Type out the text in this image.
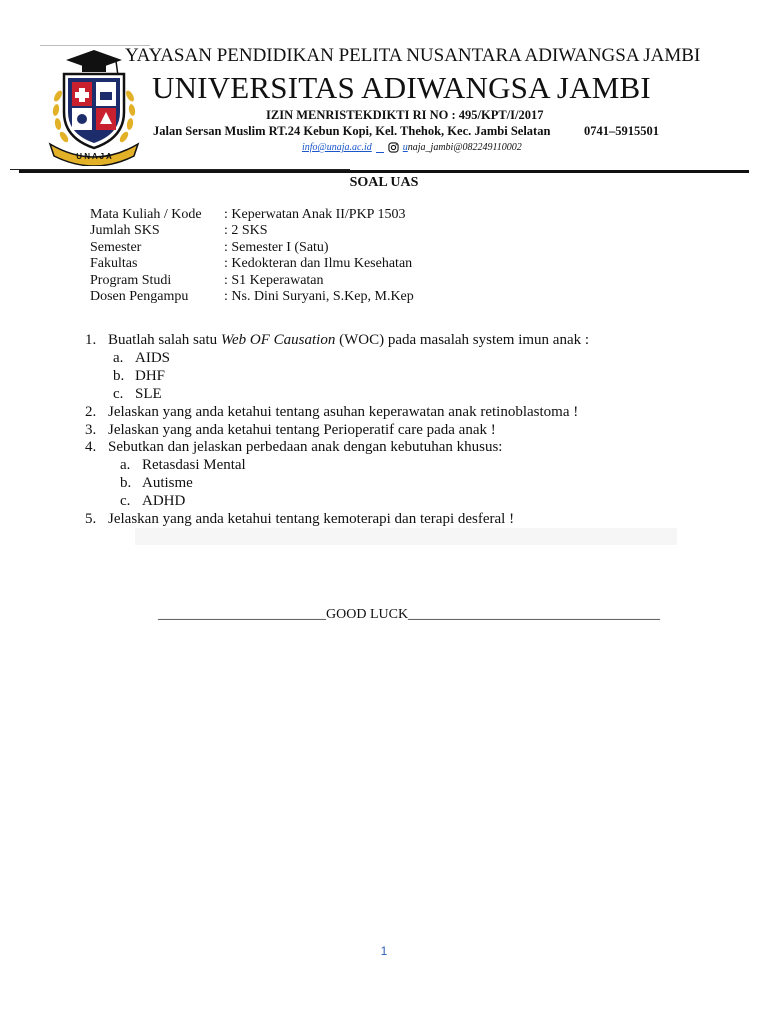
U N A J A
YAYASAN PENDIDIKAN PELITA NUSANTARA ADIWANGSA JAMBI
UNIVERSITAS ADIWANGSA JAMBI
IZIN MENRISTEKDIKTI RI NO : 495/KPT/I/2017
Jalan Sersan Muslim RT.24 Kebun Kopi, Kel. Thehok, Kec. Jambi Selatan	0741–5915501
info@unaja.ac.id	unaja_jambi@082249110002
SOAL UAS
Mata Kuliah / Kode	: Keperwatan Anak II/PKP 1503
Jumlah SKS	: 2 SKS
Semester	: Semester I (Satu)
Fakultas	: Kedokteran dan Ilmu Kesehatan
Program Studi	: S1 Keperawatan
Dosen Pengampu	: Ns. Dini Suryani, S.Kep, M.Kep
1. Buatlah salah satu Web OF Causation (WOC) pada masalah system imun anak :
a. AIDS
b. DHF
c. SLE
2. Jelaskan yang anda ketahui tentang asuhan keperawatan anak retinoblastoma !
3. Jelaskan yang anda ketahui tentang Perioperatif care pada anak !
4. Sebutkan dan jelaskan perbedaan anak dengan kebutuhan khusus:
a. Retasdasi Mental
b. Autisme
c. ADHD
5. Jelaskan yang anda ketahui tentang kemoterapi dan terapi desferal !
________________________GOOD LUCK____________________________________
1
